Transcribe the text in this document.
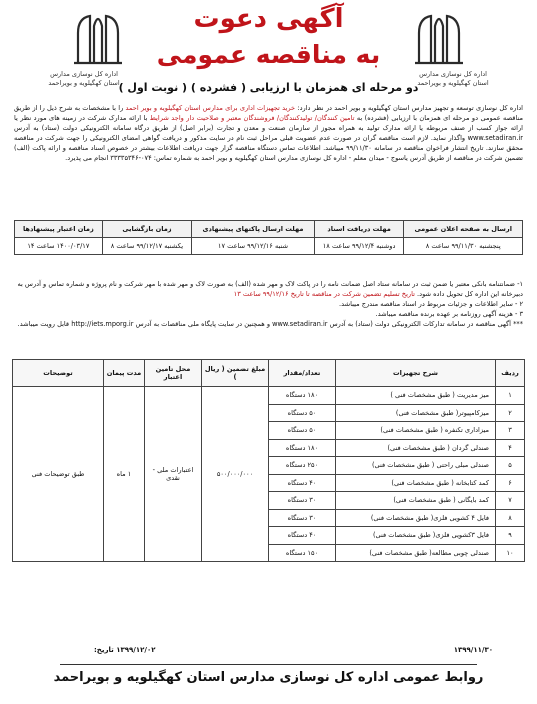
اداره کل نوسازی مدارس
استان کهگیلویه و بویراحمد
اداره کل نوسازی مدارس
استان کهگیلویه و بویراحمد
آگهی دعوت
به مناقصه عمومی
دو مرحله ای همزمان با ارزیابی ( فشرده ) ( نوبت اول )
اداره کل نوسازی توسعه و تجهیز مدارس استان کهگیلویه و بویر احمد در نظر دارد: خرید تجهیزات اداری برای مدارس استان کهگیلویه و بویر احمد را با مشخصات به شرح ذیل را از طریق مناقصه عمومی دو مرحله ای همزمان با ارزیابی (فشرده) به تامین کنندگان/ تولیدکنندگان/ فروشندگان معتبر و صلاحیت دار واجد شرایط با ارائه مدارک شرکت در زمینه های مورد نظر یا ارائه جواز کسب از صنف مربوطه یا ارائه مدارک تولید به همراه مجوز از سازمان صنعت و معدن و تجارت (برابر اصل) از طریق درگاه سامانه الکترونیکی دولت (ستاد) به آدرس www.setadiran.ir واگذار نماید. لازم است مناقصه گران در صورت عدم عضویت قبلی مراحل ثبت نام در سایت مذکور و دریافت گواهی امضای الکترونیکی را جهت شرکت در مناقصه محقق سازند. تاریخ انتشار فراخوان مناقصه در سامانه ۹۹/۱۱/۳۰ میباشد. اطلاعات تماس دستگاه مناقصه گزار جهت دریافت اطلاعات بیشتر در خصوص اسناد مناقصه و ارائه پاکت (الف) تضمین شرکت در مناقصه از طریق آدرس یاسوج - میدان معلم - اداره کل نوسازی مدارس استان کهگیلویه و بویر احمد به شماره تماس: ۰۷۴-۳۳۳۳۵۳۴۶ انجام می پذیرد.
ارسال به صفحه اعلان عمومی	مهلت دریافت اسناد	مهلت ارسال پاکتهای پیشنهادی	زمان بازگشایی	زمان اعتبار پیشنهادها
پنجشنبه ۹۹/۱۱/۳۰ ساعت ۸	دوشنبه ۹۹/۱۲/۴ ساعت ۱۸	شنبه ۹۹/۱۲/۱۶ ساعت ۱۷	یکشنبه ۹۹/۱۲/۱۷ ساعت ۸	۱۴۰۰/۰۳/۱۷ ساعت ۱۴

۱- ضمانتنامه بانکی معتبر یا ضمن ثبت در سامانه ستاد اصل ضمانت نامه را در پاکت لاک و مهر شده (الف) به صورت لاک و مهر شده با مهر شرکت و نام پروژه و شماره تماس و آدرس به دبیرخانه این اداره کل تحویل داده شود. تاریخ تسلیم تضمین شرکت در مناقصه تا تاریخ ۹۹/۱۲/۱۶ ساعت ۱۳

۲ - سایر اطلاعات و جزئیات مربوط در اسناد مناقصه مندرج میباشد.

۳ - هزینه آگهی روزنامه بر عهده برنده مناقصه میباشد.

*** آگهی مناقصه در سامانه تدارکات الکترونیکی دولت (ستاد) به آدرس www.setadiran.ir و همچنین در سایت پایگاه ملی مناقصات به آدرس http://iets.mporg.ir قابل رویت میباشد.

ردیف	شرح تجهیزات	تعداد/مقدار	مبلغ تضمین ( ریال )	محل تامین اعتبار	مدت پیمان	توضیحات
۱	میز مدیریت ( طبق مشخصات فنی )	۱۸۰ دستگاه	۵۰۰/۰۰۰/۰۰۰	اعتبارات ملی - نقدی	۱ ماه	طبق توضیحات فنی
۲	میزکامپیوتر( طبق مشخصات فنی)	۵۰ دستگاه				
۳	میزاداری تکنفره ( طبق مشخصات فنی)	۵۰ دستگاه				
۴	صندلی گردان ( طبق مشخصات فنی)	۱۸۰ دستگاه				
۵	صندلی مبلی راحتی ( طبق مشخصات فنی)	۲۵۰ دستگاه				
۶	کمد کتابخانه ( طبق مشخصات فنی)	۴۰ دستگاه				
۷	کمد بایگانی ( طبق مشخصات فنی)	۳۰ دستگاه				
۸	فایل ۴ کشویی فلزی( طبق مشخصات فنی)	۳۰ دستگاه				
۹	فایل ۳کشویی فلزی( طبق مشخصات فنی)	۴۰ دستگاه				
۱۰	صندلی چوبی مطالعه( طبق مشخصات فنی)	۱۵۰ دستگاه				
۱۳۹۹/۱۱/۳۰
۱۳۹۹/۱۲/۰۲ تاریخ:
روابط عمومی اداره کل نوسازی مدارس استان کهگیلویه و بویراحمد
